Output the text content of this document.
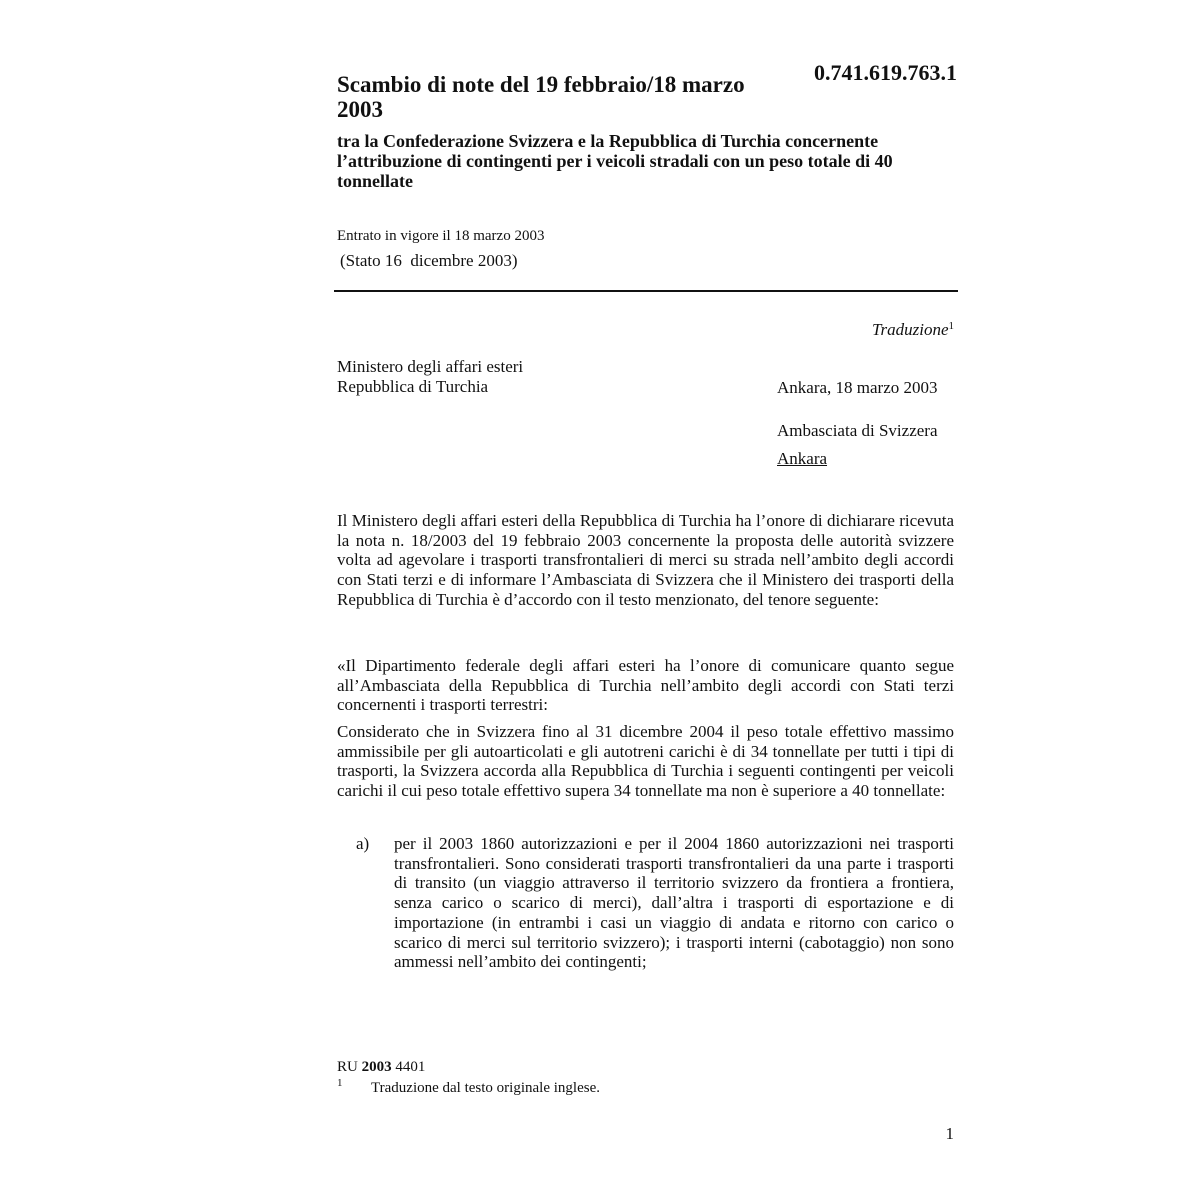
Scambio di note del 19 febbraio/18 marzo 2003
0.741.619.763.1
tra la Confederazione Svizzera e la Repubblica di Turchia concernente l’attribuzione di contingenti per i veicoli stradali con un peso totale di 40 tonnellate
Entrato in vigore il 18 marzo 2003
(Stato 16  dicembre 2003)
Traduzione$^1$
Ministero degli affari esteri
Repubblica di Turchia	Ankara, 18 marzo 2003
Ambasciata di Svizzera
Ankara
Il Ministero degli affari esteri della Repubblica di Turchia ha l’onore di dichiarare ricevuta la nota n. 18/2003 del 19 febbraio 2003 concernente la proposta delle autorità svizzere volta ad agevolare i trasporti transfrontalieri di merci su strada nell’ambito degli accordi con Stati terzi e di informare l’Ambasciata di Svizzera che il Ministero dei trasporti della Repubblica di Turchia è d’accordo con il testo menzionato, del tenore seguente:
«Il Dipartimento federale degli affari esteri ha l’onore di comunicare quanto segue all’Ambasciata della Repubblica di Turchia nell’ambito degli accordi con Stati terzi concernenti i trasporti terrestri:
Considerato che in Svizzera fino al 31 dicembre 2004 il peso totale effettivo massimo ammissibile per gli autoarticolati e gli autotreni carichi è di 34 tonnellate per tutti i tipi di trasporti, la Svizzera accorda alla Repubblica di Turchia i seguenti contingenti per veicoli carichi il cui peso totale effettivo supera 34 tonnellate ma non è superiore a 40 tonnellate:
a) per il 2003 1860 autorizzazioni e per il 2004 1860 autorizzazioni nei trasporti transfrontalieri. Sono considerati trasporti transfrontalieri da una parte i trasporti di transito (un viaggio attraverso il territorio svizzero da frontiera a frontiera, senza carico o scarico di merci), dall’altra i trasporti di esportazione e di importazione (in entrambi i casi un viaggio di andata e ritorno con carico o scarico di merci sul territorio svizzero); i trasporti interni (cabotaggio) non sono ammessi nell’ambito dei contingenti;
RU 2003 4401
1 Traduzione dal testo originale inglese.
1
